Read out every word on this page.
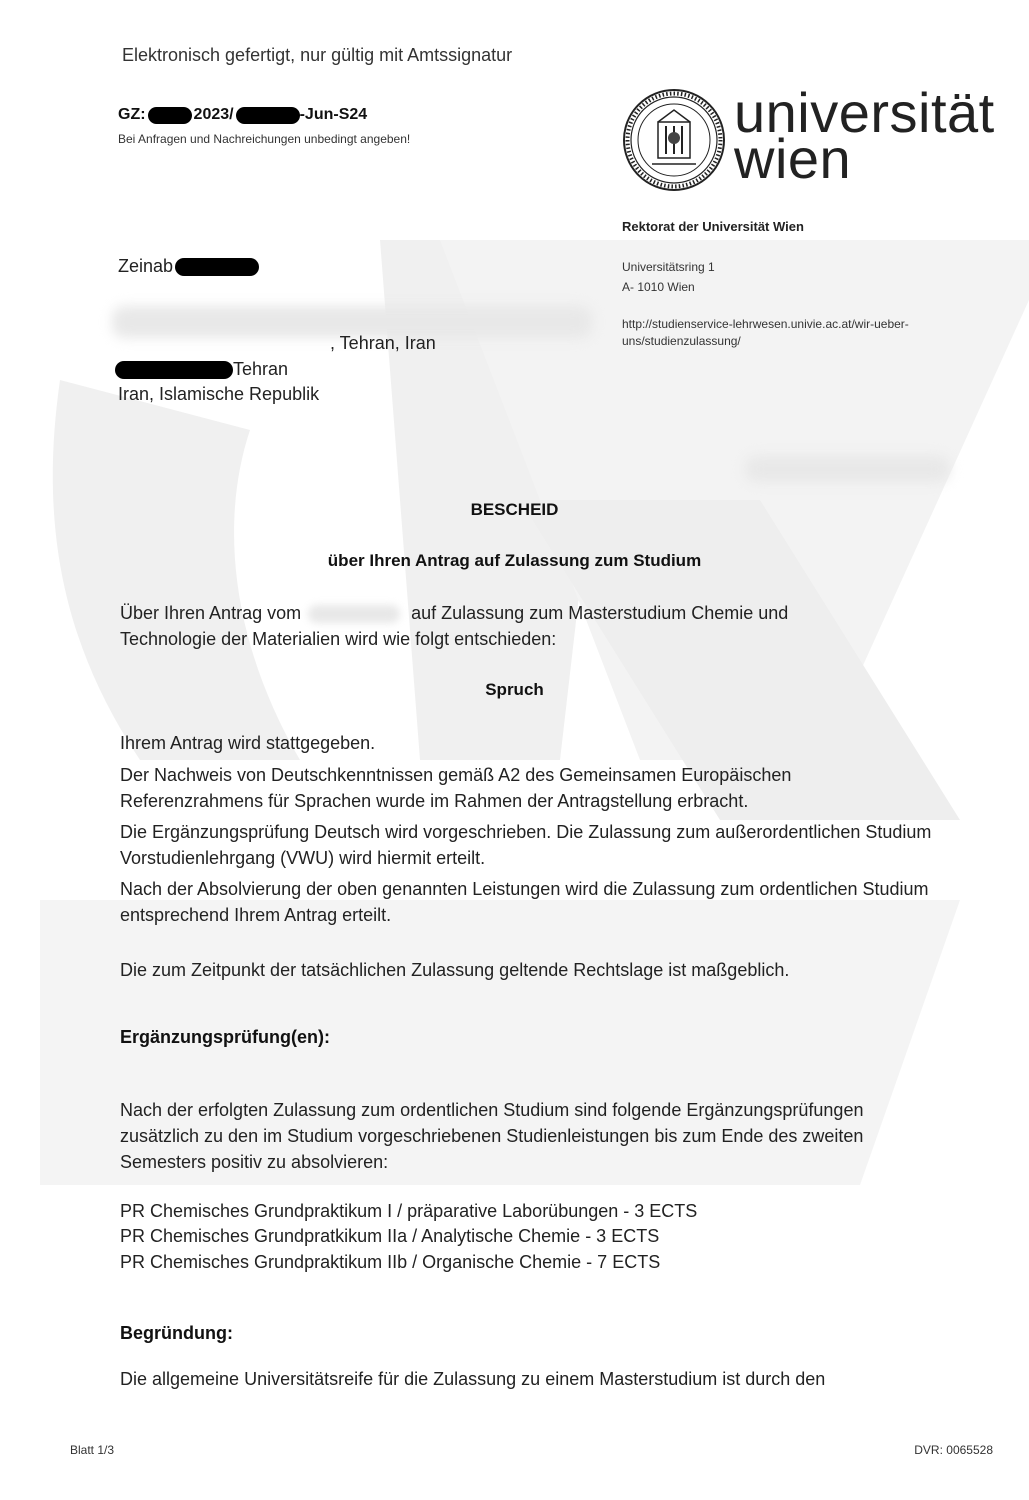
Elektronisch gefertigt, nur gültig mit Amtssignatur
GZ:	2023/	-Jun-S24
Bei Anfragen und Nachreichungen unbedingt angeben!	universität
wien
Rektorat der Universität Wien
Universitätsring 1
A- 1010 Wien
http://studienservice-lehrwesen.univie.ac.at/wir-ueber-uns/studienzulassung/
Zeinab
, Tehran, Iran
Tehran
Iran, Islamische Republik
BESCHEID
über Ihren Antrag auf Zulassung zum Studium
Über Ihren Antrag vom	auf Zulassung zum Masterstudium Chemie und
Technologie der Materialien wird wie folgt entschieden:
Spruch
Ihrem Antrag wird stattgegeben.
Der Nachweis von Deutschkenntnissen gemäß A2 des Gemeinsamen Europäischen Referenzrahmens für Sprachen wurde im Rahmen der Antragstellung erbracht.
Die Ergänzungsprüfung Deutsch wird vorgeschrieben. Die Zulassung zum außerordentlichen Studium Vorstudienlehrgang (VWU) wird hiermit erteilt.
Nach der Absolvierung der oben genannten Leistungen wird die Zulassung zum ordentlichen Studium entsprechend Ihrem Antrag erteilt.
Die zum Zeitpunkt der tatsächlichen Zulassung geltende Rechtslage ist maßgeblich.
Ergänzungsprüfung(en):
Nach der erfolgten Zulassung zum ordentlichen Studium sind folgende Ergänzungsprüfungen zusätzlich zu den im Studium vorgeschriebenen Studienleistungen bis zum Ende des zweiten Semesters positiv zu absolvieren:
PR Chemisches Grundpraktikum I / präparative Laborübungen - 3 ECTS
PR Chemisches Grundpratkikum IIa / Analytische Chemie - 3 ECTS
PR Chemisches Grundpraktikum IIb / Organische Chemie - 7 ECTS
Begründung:
Die allgemeine Universitätsreife für die Zulassung zu einem Masterstudium ist durch den
Blatt 1/3	DVR: 0065528
